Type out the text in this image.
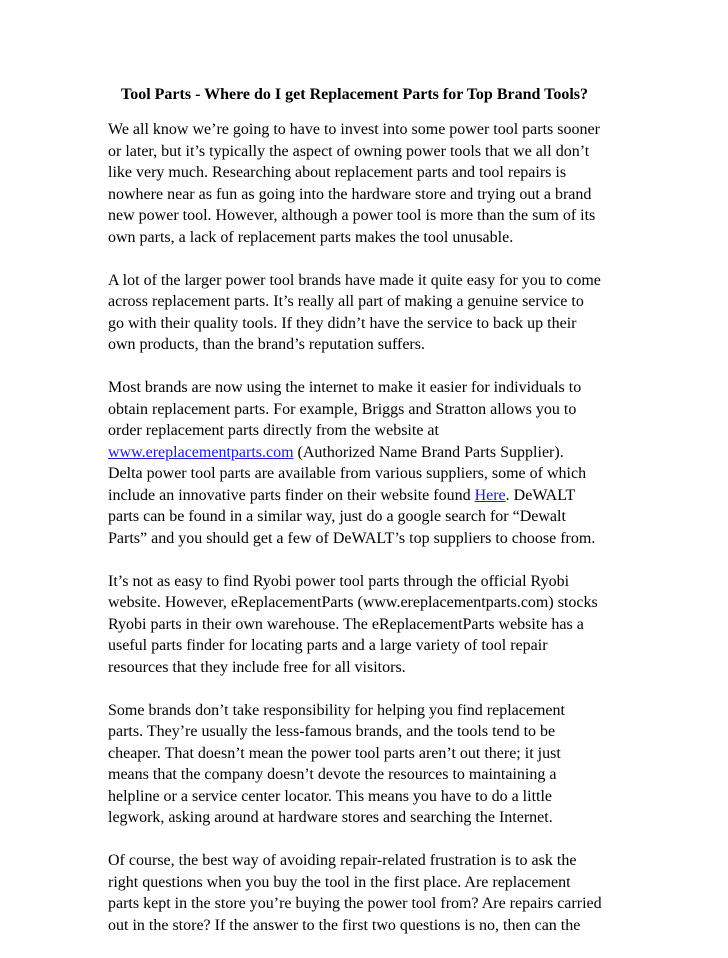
Tool Parts - Where do I get Replacement Parts for Top Brand Tools?
We all know we’re going to have to invest into some power tool parts sooner
or later, but it’s typically the aspect of owning power tools that we all don’t
like very much. Researching about replacement parts and tool repairs is
nowhere near as fun as going into the hardware store and trying out a brand
new power tool. However, although a power tool is more than the sum of its
own parts, a lack of replacement parts makes the tool unusable.
A lot of the larger power tool brands have made it quite easy for you to come
across replacement parts. It’s really all part of making a genuine service to
go with their quality tools. If they didn’t have the service to back up their
own products, than the brand’s reputation suffers.
Most brands are now using the internet to make it easier for individuals to
obtain replacement parts. For example, Briggs and Stratton allows you to
order replacement parts directly from the website at
www.ereplacementparts.com (Authorized Name Brand Parts Supplier).
Delta power tool parts are available from various suppliers, some of which
include an innovative parts finder on their website found Here. DeWALT
parts can be found in a similar way, just do a google search for “Dewalt
Parts” and you should get a few of DeWALT’s top suppliers to choose from.
It’s not as easy to find Ryobi power tool parts through the official Ryobi
website. However, eReplacementParts (www.ereplacementparts.com) stocks
Ryobi parts in their own warehouse. The eReplacementParts website has a
useful parts finder for locating parts and a large variety of tool repair
resources that they include free for all visitors.
Some brands don’t take responsibility for helping you find replacement
parts. They’re usually the less-famous brands, and the tools tend to be
cheaper. That doesn’t mean the power tool parts aren’t out there; it just
means that the company doesn’t devote the resources to maintaining a
helpline or a service center locator. This means you have to do a little
legwork, asking around at hardware stores and searching the Internet.
Of course, the best way of avoiding repair-related frustration is to ask the
right questions when you buy the tool in the first place. Are replacement
parts kept in the store you’re buying the power tool from? Are repairs carried
out in the store? If the answer to the first two questions is no, then can the
